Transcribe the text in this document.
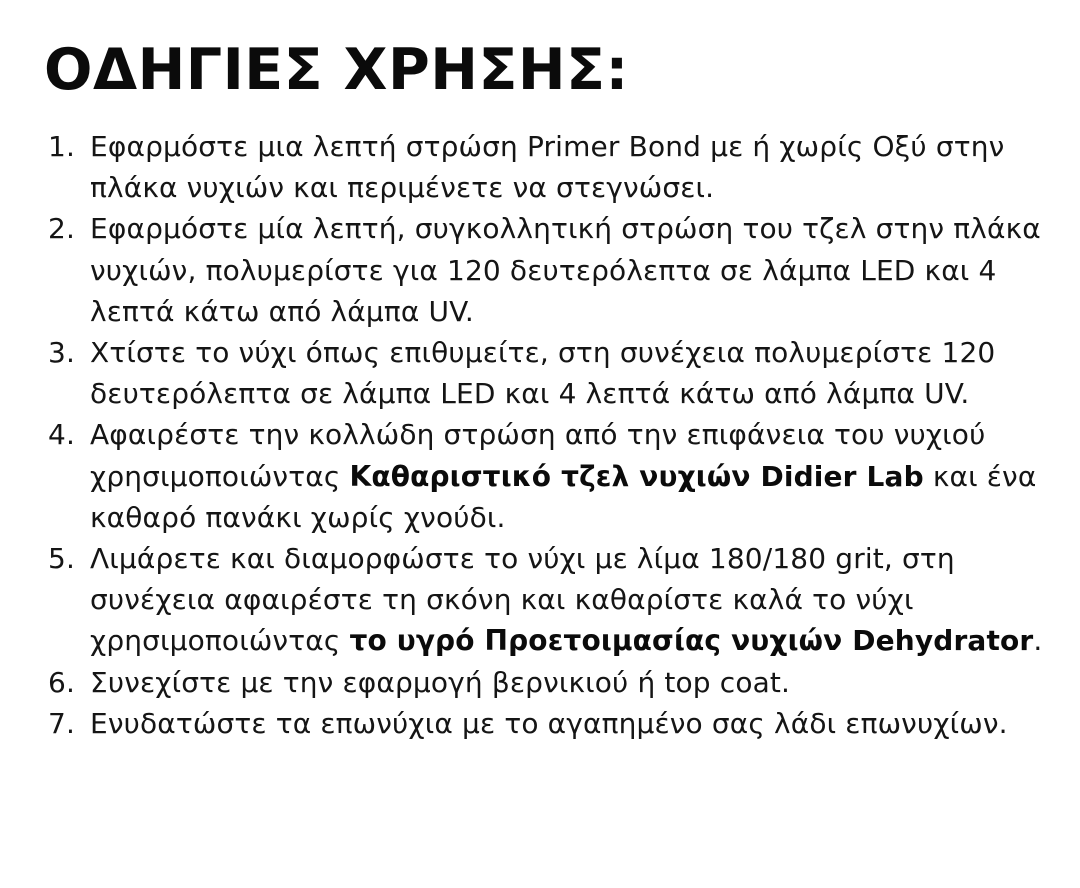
ΟΔΗΓΙΕΣ ΧΡΗΣΗΣ:
1. Εφαρμόστε μια λεπτή στρώση Primer Bond με ή χωρίς Οξύ στην πλάκα νυχιών και περιμένετε να στεγνώσει.
2. Εφαρμόστε μία λεπτή, συγκολλητική στρώση του τζελ στην πλάκα νυχιών, πολυμερίστε για 120 δευτερόλεπτα σε λάμπα LED και 4 λεπτά κάτω από λάμπα UV.
3. Χτίστε το νύχι όπως επιθυμείτε, στη συνέχεια πολυμερίστε 120 δευτερόλεπτα σε λάμπα LED και 4 λεπτά κάτω από λάμπα UV.
4. Αφαιρέστε την κολλώδη στρώση από την επιφάνεια του νυχιού χρησιμοποιώντας Καθαριστικό τζελ νυχιών Didier Lab και ένα καθαρό πανάκι χωρίς χνούδι.
5. Λιμάρετε και διαμορφώστε το νύχι με λίμα 180/180 grit, στη συνέχεια αφαιρέστε τη σκόνη και καθαρίστε καλά το νύχι χρησιμοποιώντας το υγρό Προετοιμασίας νυχιών Dehydrator.
6. Συνεχίστε με την εφαρμογή βερνικιού ή top coat.
7. Ενυδατώστε τα επωνύχια με το αγαπημένο σας λάδι επωνυχίων.
